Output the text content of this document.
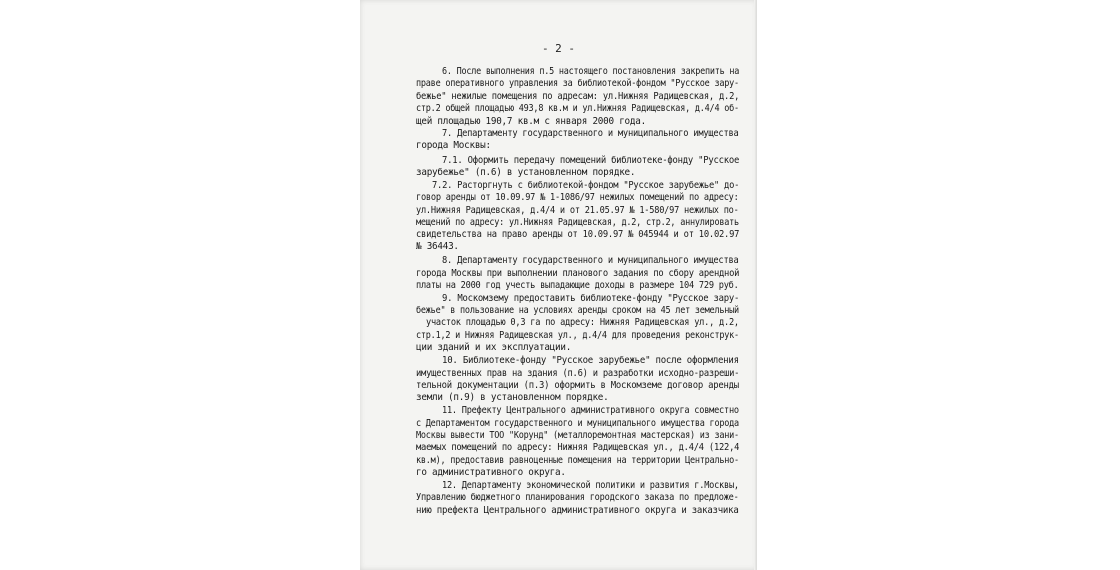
- 2 -
6. После выполнения п.5 настоящего постановления закрепить на
праве оперативного управления за библиотекой-фондом "Русское зару-
бежье" нежилые помещения по адресам: ул.Нижняя Радищевская, д.2,
стр.2 общей площадью 493,8 кв.м и ул.Нижняя Радищевская, д.4/4 об-
щей площадью 190,7 кв.м с января 2000 года.
7. Департаменту государственного и муниципального имущества
города Москвы:
7.1. Оформить передачу помещений библиотеке-фонду "Русское
зарубежье" (п.6) в установленном порядке.
7.2. Расторгнуть с библиотекой-фондом "Русское зарубежье" до-
говор аренды от 10.09.97 № 1-1086/97 нежилых помещений по адресу:
ул.Нижняя Радищевская, д.4/4 и от 21.05.97 № 1-580/97 нежилых по-
мещений по адресу: ул.Нижняя Радищевская, д.2, стр.2, аннулировать
свидетельства на право аренды от 10.09.97 № 045944 и от 10.02.97
№ 36443.
8. Департаменту государственного и муниципального имущества
города Москвы при выполнении планового задания по сбору арендной
платы на 2000 год учесть выпадающие доходы в размере 104 729 руб.
9. Москомзему предоставить библиотеке-фонду "Русское зару-
бежье" в пользование на условиях аренды сроком на 45 лет земельный
участок площадью 0,3 га по адресу: Нижняя Радищевская ул., д.2,
стр.1,2 и Нижняя Радищевская ул., д.4/4 для проведения реконструк-
ции зданий и их эксплуатации.
10. Библиотеке-фонду "Русское зарубежье" после оформления
имущественных прав на здания (п.6) и разработки исходно-разреши-
тельной документации (п.3) оформить в Москомземе договор аренды
земли (п.9) в установленном порядке.
11. Префекту Центрального административного округа совместно
с Департаментом государственного и муниципального имущества города
Москвы вывести ТОО "Корунд" (металлоремонтная мастерская) из зани-
маемых помещений по адресу: Нижняя Радищевская ул., д.4/4 (122,4
кв.м), предоставив равноценные помещения на территории Центрально-
го административного округа.
12. Департаменту экономической политики и развития г.Москвы,
Управлению бюджетного планирования городского заказа по предложе-
нию префекта Центрального административного округа и заказчика
